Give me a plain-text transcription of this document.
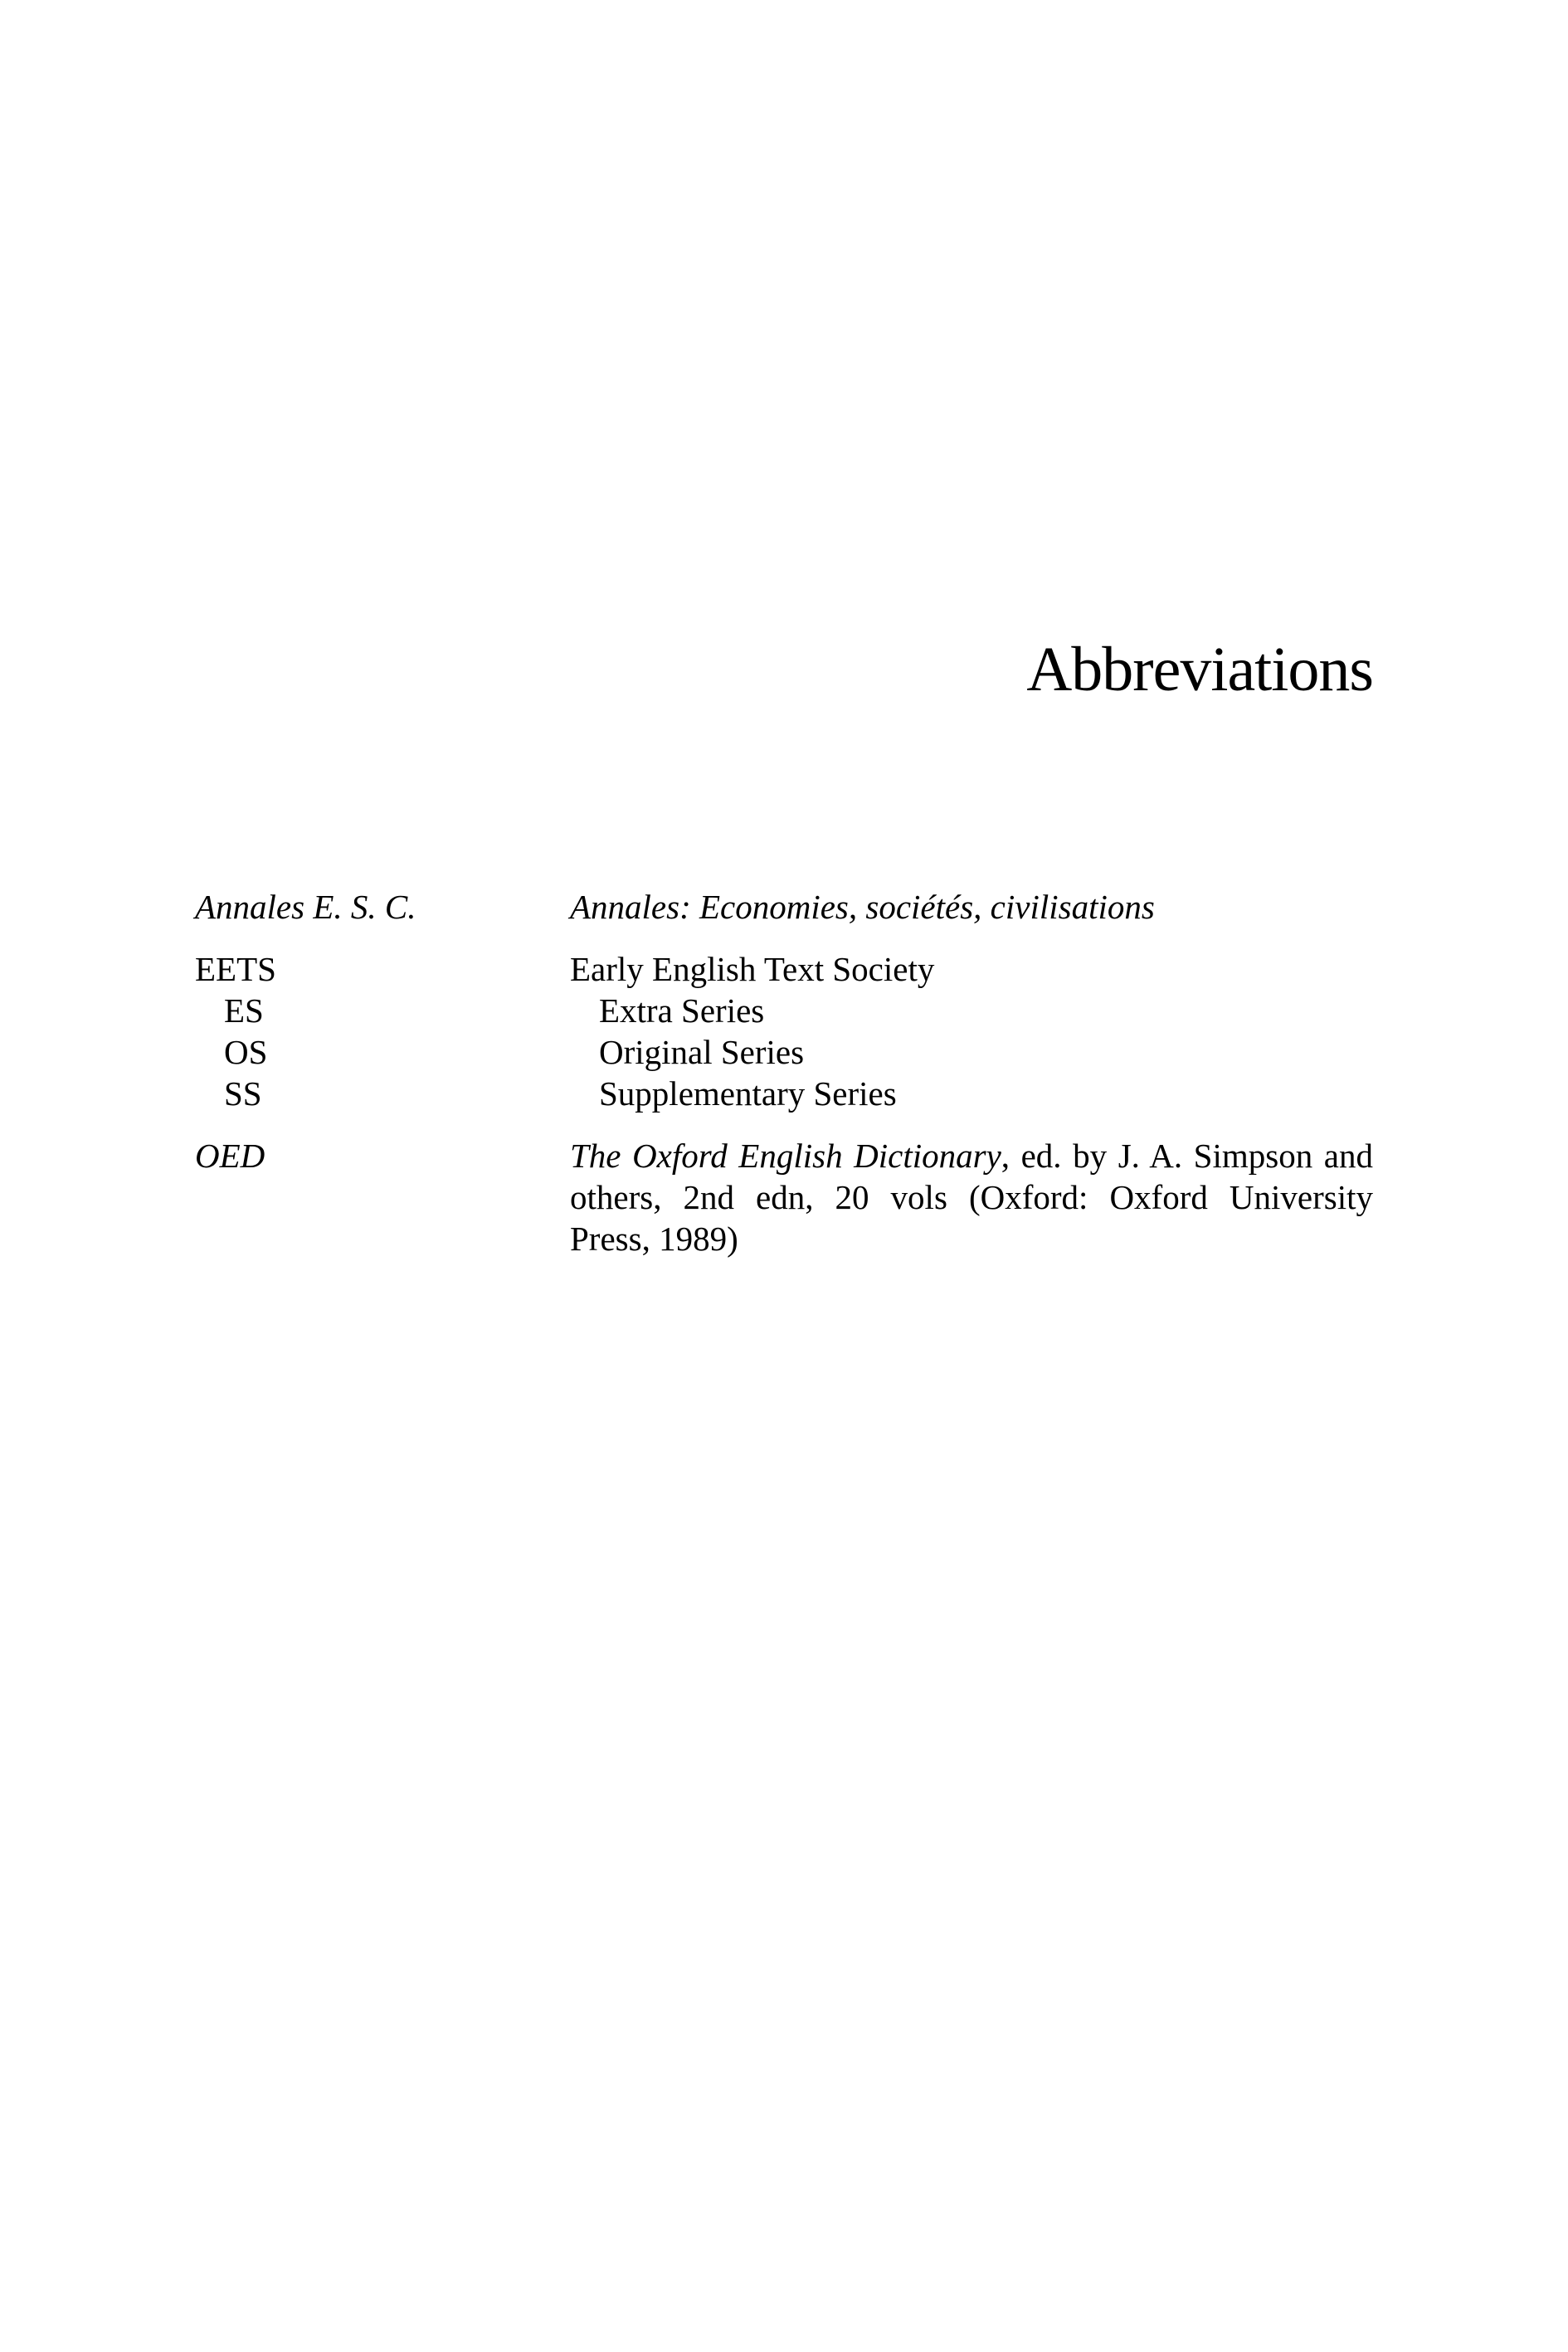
Abbreviations
Annales E. S. C.	Annales: Economies, sociétés, civilisations
EETS	Early English Text Society
ES	Extra Series
OS	Original Series
SS	Supplementary Series
OED	The Oxford English Dictionary, ed. by J. A. Simpson and
others, 2nd edn, 20 vols (Oxford: Oxford University
Press, 1989)
